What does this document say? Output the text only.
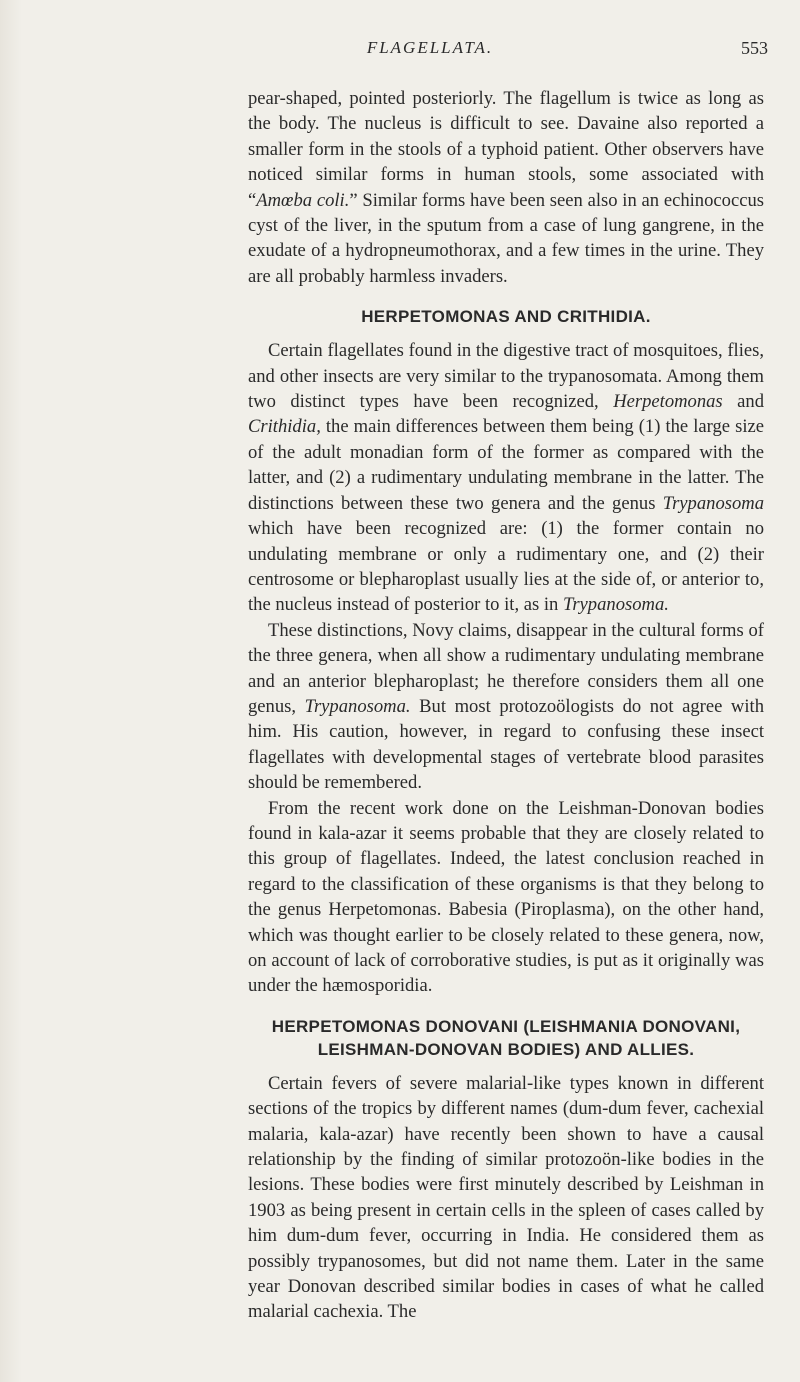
FLAGELLATA.	553

pear-shaped, pointed posteriorly. The flagellum is twice as long as the body. The nucleus is difficult to see. Davaine also reported a smaller form in the stools of a typhoid patient. Other observers have noticed similar forms in human stools, some associated with “Amœba coli.” Similar forms have been seen also in an echinococcus cyst of the liver, in the sputum from a case of lung gangrene, in the exudate of a hydropneumothorax, and a few times in the urine. They are all probably harmless invaders.

HERPETOMONAS AND CRITHIDIA.

Certain flagellates found in the digestive tract of mosquitoes, flies, and other insects are very similar to the trypanosomata. Among them two distinct types have been recognized, Herpetomonas and Crithidia, the main differences between them being (1) the large size of the adult monadian form of the former as compared with the latter, and (2) a rudimentary undulating membrane in the latter. The distinctions between these two genera and the genus Trypanosoma which have been recognized are: (1) the former contain no undulating membrane or only a rudimentary one, and (2) their centrosome or blepharoplast usually lies at the side of, or anterior to, the nucleus instead of posterior to it, as in Trypanosoma.

These distinctions, Novy claims, disappear in the cultural forms of the three genera, when all show a rudimentary undulating membrane and an anterior blepharoplast; he therefore considers them all one genus, Trypanosoma. But most protozoölogists do not agree with him. His caution, however, in regard to confusing these insect flagellates with developmental stages of vertebrate blood parasites should be remembered.

From the recent work done on the Leishman-Donovan bodies found in kala-azar it seems probable that they are closely related to this group of flagellates. Indeed, the latest conclusion reached in regard to the classification of these organisms is that they belong to the genus Herpetomonas. Babesia (Piroplasma), on the other hand, which was thought earlier to be closely related to these genera, now, on account of lack of corroborative studies, is put as it originally was under the hæmosporidia.

HERPETOMONAS DONOVANI (LEISHMANIA DONOVANI,
LEISHMAN-DONOVAN BODIES) AND ALLIES.

Certain fevers of severe malarial-like types known in different sections of the tropics by different names (dum-dum fever, cachexial malaria, kala-azar) have recently been shown to have a causal relationship by the finding of similar protozoön-like bodies in the lesions. These bodies were first minutely described by Leishman in 1903 as being present in certain cells in the spleen of cases called by him dum-dum fever, occurring in India. He considered them as possibly trypanosomes, but did not name them. Later in the same year Donovan described similar bodies in cases of what he called malarial cachexia. The
